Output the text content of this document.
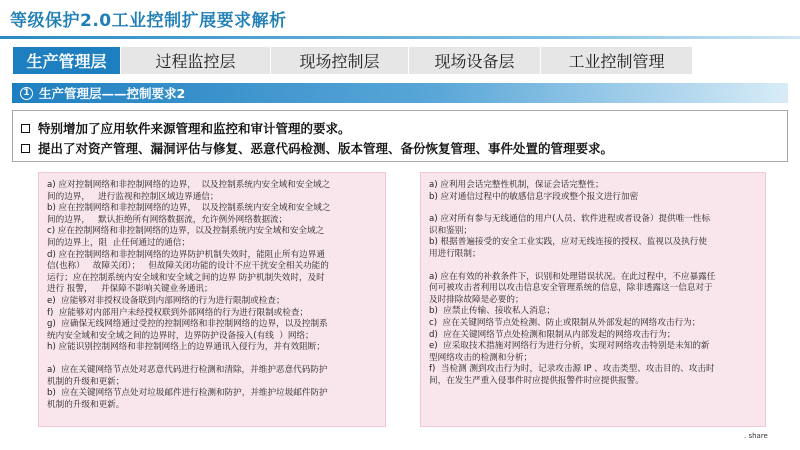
等级保护2.0工业控制扩展要求解析
生产管理层	过程监控层	现场控制层	现场设备层	工业控制管理
1 生产管理层——控制要求2
特别增加了应用软件来源管理和监控和审计管理的要求。
提出了对资产管理、漏洞评估与修复、恶意代码检测、版本管理、备份恢复管理、事件处置的管理要求。

a) 应对控制网络和非控制网络的边界，  以及控制系统内安全域和安全域之
间的边界，   进行监视和控制区域边界通信；

b) 应在控制网络和非控制网络的边界，  以及控制系统内安全域和安全域之
间的边界，   默认拒绝所有网络数据流，允许例外网络数据流；

c) 应在控制网络和非控制网络的边界，以及控制系统内安全域和安全域之
间的边界上，阻  止任何通过的通信；

d) 应在控制网络和非控制网络的边界防护机制失效时，能阻止所有边界通
信(也称）   故障关闭）；   但故障关闭功能的设计不应干扰安全相关功能的
运行；应在控制系统内安全域和安全域之间的边界 防护机制失效时，及时
进行 报警，   并保障不影响关键业务通讯；

e)  应能够对非授权设备联到内部网络的行为进行限制或检查；

f)  应能够对内部用户未经授权联到外部网络的行为进行限制或检查；

g)  应确保无线网络通过受控的控制网络和非控制网络的边界，以及控制系
统内安全域和安全域之间的边界时，边界防护设备接入(有线  ）网络；

h) 应能识别控制网络和非控制网络上的边界通讯入侵行为，并有效阻断；

a)  应在关键网络节点处对恶意代码进行检测和清除，并维护恶意代码防护
机制的升级和更新；

b)  应在关键网络节点处对垃圾邮件进行检测和防护，并维护垃圾邮件防护
机制的升级和更新。

a) 应利用会话完整性机制，保证会话完整性；

b) 应对通信过程中的敏感信息字段或整个报文进行加密

a) 应对所有参与无线通信的用户(人员、软件进程或者设备）提供唯一性标
识和鉴别；

b) 根据普遍接受的安全工业实践，应对无线连接的授权、监视以及执行使
用进行限制；

a) 应在有效的补救条件下，识别和处理错误状况。在此过程中，不应暴露任
何可被攻击者利用以攻击信息安全管理系统的信息，除非透露这一信息对于
及时排除故障是必要的；

b)  应禁止传输、接收私人消息；

c)  应在关键网络节点处检测、防止或限制从外部发起的网络攻击行为；

d)  应在关键网络节点处检测和限制从内部发起的网络攻击行为；

e)  应采取技术措施对网络行为进行分析，实现对网络攻击特别是未知的新
型网络攻击的检测和分析；

f)  当检测 测到攻击行为时，记录攻击源 IP 、攻击类型、攻击目的、攻击时
间，在发生严重入侵事件时应提供报警件时应提供报警。

. share
